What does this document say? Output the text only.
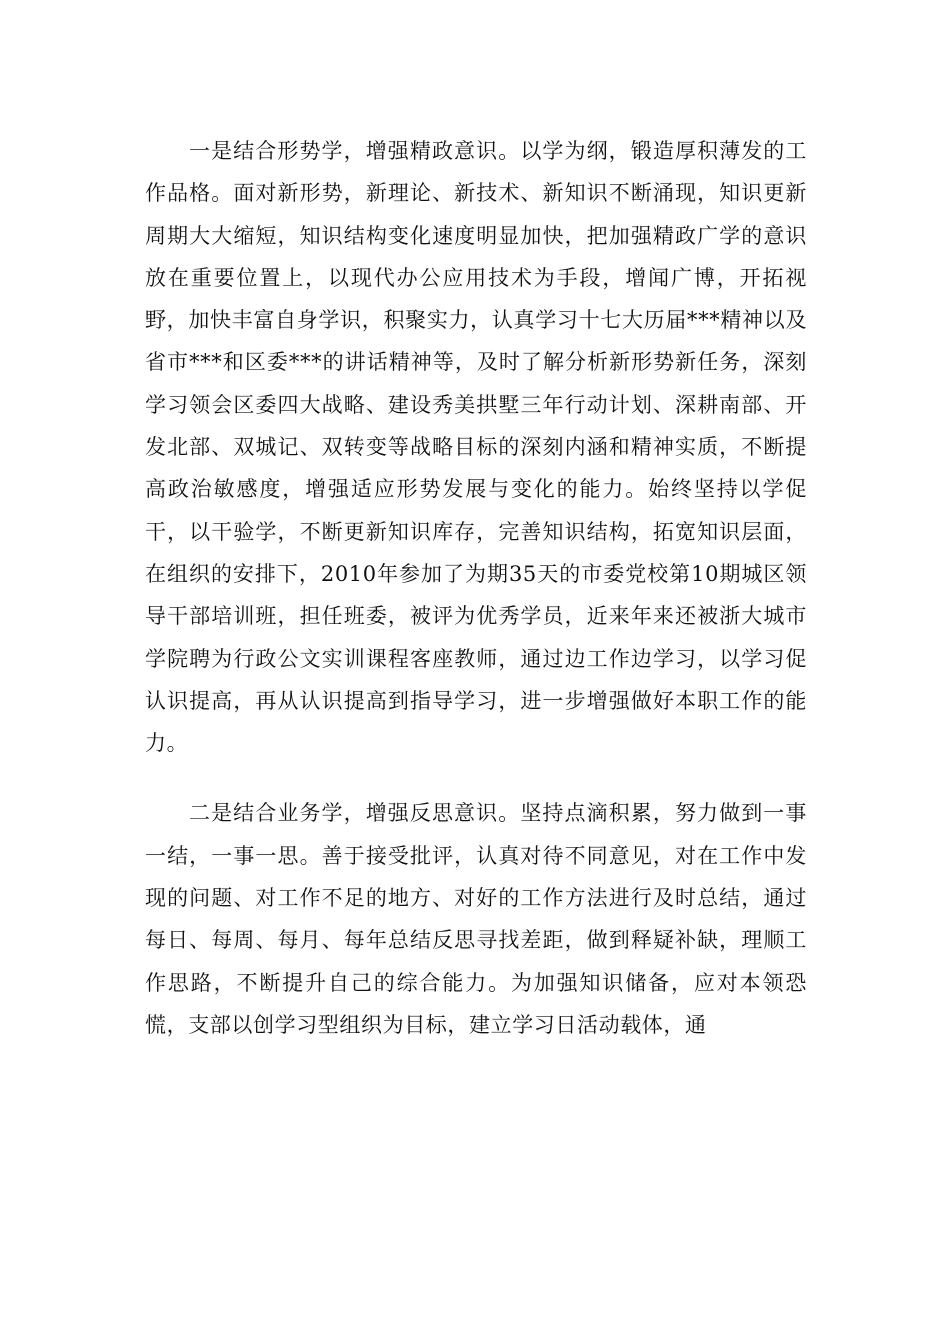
一是结合形势学，增强精政意识。以学为纲，锻造厚积薄发的工作品格。面对新形势，新理论、新技术、新知识不断涌现，知识更新周期大大缩短，知识结构变化速度明显加快，把加强精政广学的意识放在重要位置上，以现代办公应用技术为手段，增闻广博，开拓视野，加快丰富自身学识，积聚实力，认真学习十七大历届***精神以及省市***和区委***的讲话精神等，及时了解分析新形势新任务，深刻学习领会区委四大战略、建设秀美拱墅三年行动计划、深耕南部、开发北部、双城记、双转变等战略目标的深刻内涵和精神实质，不断提高政治敏感度，增强适应形势发展与变化的能力。始终坚持以学促干，以干验学，不断更新知识库存，完善知识结构，拓宽知识层面，在组织的安排下，2010年参加了为期35天的市委党校第10期城区领导干部培训班，担任班委，被评为优秀学员，近来年来还被浙大城市学院聘为行政公文实训课程客座教师，通过边工作边学习，以学习促认识提高，再从认识提高到指导学习，进一步增强做好本职工作的能力。

二是结合业务学，增强反思意识。坚持点滴积累，努力做到一事一结，一事一思。善于接受批评，认真对待不同意见，对在工作中发现的问题、对工作不足的地方、对好的工作方法进行及时总结，通过每日、每周、每月、每年总结反思寻找差距，做到释疑补缺，理顺工作思路，不断提升自己的综合能力。为加强知识储备，应对本领恐慌，支部以创学习型组织为目标，建立学习日活动载体，通
